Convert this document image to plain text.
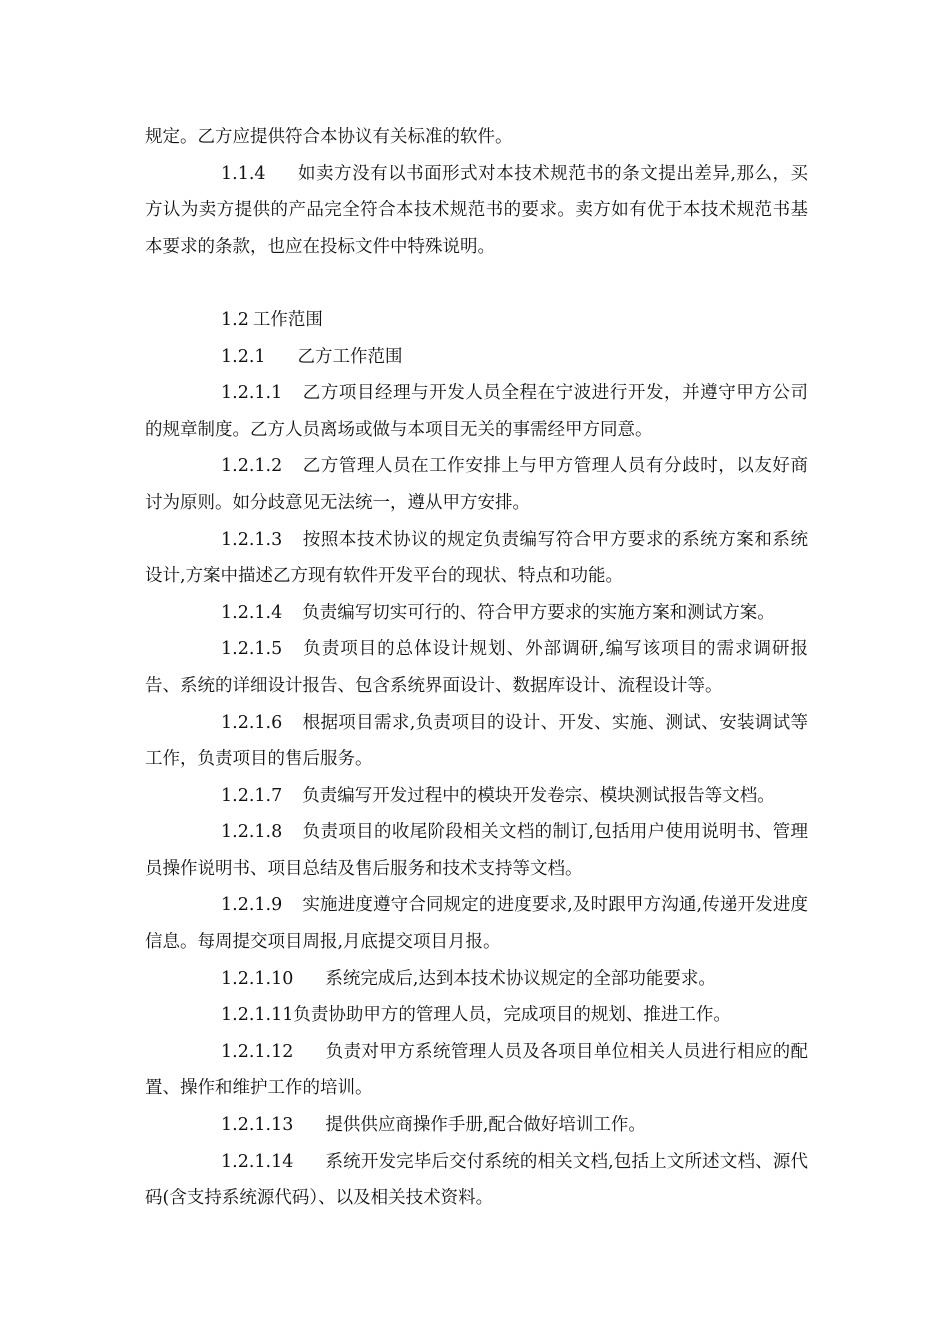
规定。乙方应提供符合本协议有关标准的软件。

1.1.4 如卖方没有以书面形式对本技术规范书的条文提出差异,那么，买方认为卖方提供的产品完全符合本技术规范书的要求。卖方如有优于本技术规范书基本要求的条款，也应在投标文件中特殊说明。

1.2 工作范围

1.2.1 乙方工作范围

1.2.1.1 乙方项目经理与开发人员全程在宁波进行开发，并遵守甲方公司的规章制度。乙方人员离场或做与本项目无关的事需经甲方同意。

1.2.1.2 乙方管理人员在工作安排上与甲方管理人员有分歧时，以友好商讨为原则。如分歧意见无法统一，遵从甲方安排。

1.2.1.3 按照本技术协议的规定负责编写符合甲方要求的系统方案和系统设计,方案中描述乙方现有软件开发平台的现状、特点和功能。

1.2.1.4 负责编写切实可行的、符合甲方要求的实施方案和测试方案。

1.2.1.5 负责项目的总体设计规划、外部调研,编写该项目的需求调研报告、系统的详细设计报告、包含系统界面设计、数据库设计、流程设计等。

1.2.1.6 根据项目需求,负责项目的设计、开发、实施、测试、安装调试等工作，负责项目的售后服务。

1.2.1.7 负责编写开发过程中的模块开发卷宗、模块测试报告等文档。

1.2.1.8 负责项目的收尾阶段相关文档的制订,包括用户使用说明书、管理员操作说明书、项目总结及售后服务和技术支持等文档。

1.2.1.9 实施进度遵守合同规定的进度要求,及时跟甲方沟通,传递开发进度信息。每周提交项目周报,月底提交项目月报。

1.2.1.10 系统完成后,达到本技术协议规定的全部功能要求。

1.2.1.11负责协助甲方的管理人员，完成项目的规划、推进工作。

1.2.1.12 负责对甲方系统管理人员及各项目单位相关人员进行相应的配置、操作和维护工作的培训。

1.2.1.13 提供供应商操作手册,配合做好培训工作。

1.2.1.14 系统开发完毕后交付系统的相关文档,包括上文所述文档、源代码(含支持系统源代码）、以及相关技术资料。
